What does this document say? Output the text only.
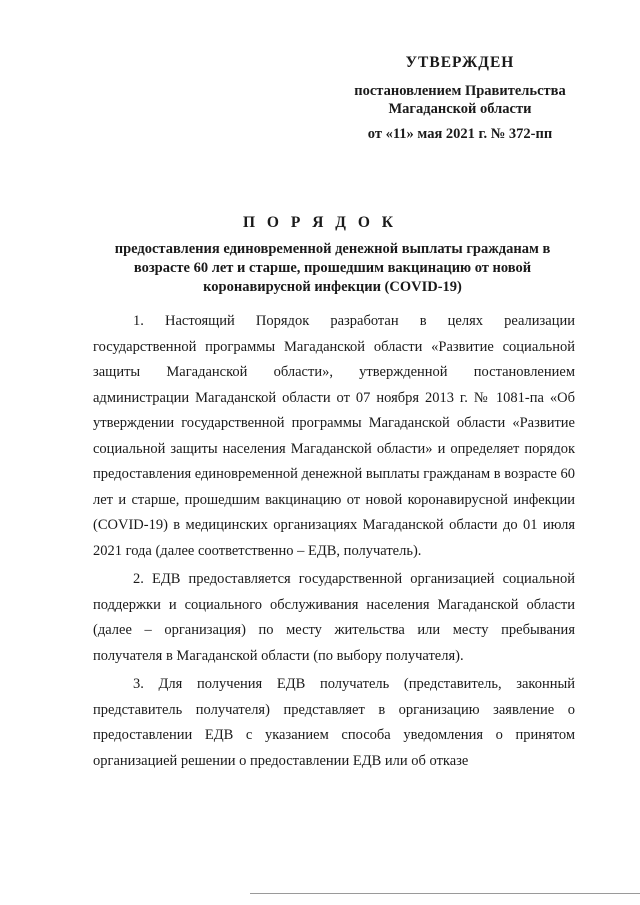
УТВЕРЖДЕН
постановлением Правительства
Магаданской области
от «11» мая 2021 г. № 372-пп
П О Р Я Д О К
предоставления единовременной денежной выплаты гражданам в возрасте 60 лет и старше, прошедшим вакцинацию от новой коронавирусной инфекции (COVID-19)

1. Настоящий Порядок разработан в целях реализации государственной программы Магаданской области «Развитие социальной защиты Магаданской области», утвержденной постановлением администрации Магаданской области от 07 ноября 2013 г. № 1081-па «Об утверждении государственной программы Магаданской области «Развитие социальной защиты населения Магаданской области» и определяет порядок предоставления единовременной денежной выплаты гражданам в возрасте 60 лет и старше, прошедшим вакцинацию от новой коронавирусной инфекции (COVID-19) в медицинских организациях Магаданской области до 01 июля 2021 года (далее соответственно – ЕДВ, получатель).

2. ЕДВ предоставляется государственной организацией социальной поддержки и социального обслуживания населения Магаданской области (далее – организация) по месту жительства или месту пребывания получателя в Магаданской области (по выбору получателя).

3. Для получения ЕДВ получатель (представитель, законный представитель получателя) представляет в организацию заявление о предоставлении ЕДВ с указанием способа уведомления о принятом организацией решении о предоставлении ЕДВ или об отказе
